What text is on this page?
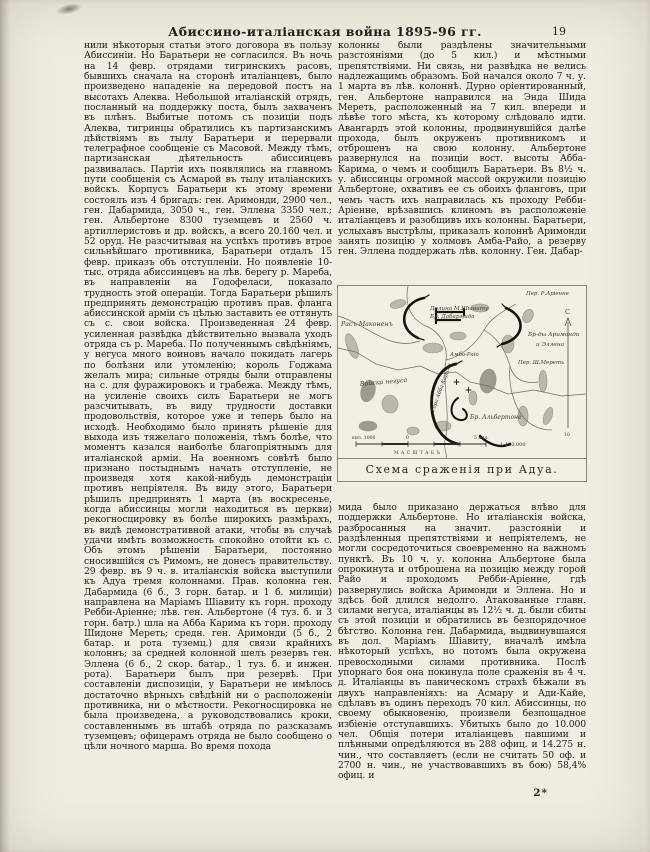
Абиссино-италіанская война 1895-96 гг.	19
нили нѣкоторыя статьи этого договора въ пользу Абиссиніи. Но Баратьери не согласился. Въ ночь на 14 февр. отрядами тигринскихъ расовъ, бывшихъ сначала на сторонѣ италіанцевъ, было произведено нападеніе на передовой постъ на высотахъ Алеква. Небольшой италіанскій отрядъ, посланный на поддержку поста, былъ захваченъ въ плѣнъ. Выбитые потомъ съ позиціи подъ Алеква, тигринцы обратились къ партизанскимъ дѣйствіямъ въ тылу Баратьери и перервали телеграфное сообщеніе съ Масовой. Между тѣмъ, партизанская дѣятельность абиссинцевъ развивалась. Партіи ихъ появлялись на главномъ пути сообщенія съ Асмарой въ тылу италіанскихъ войскъ. Корпусъ Баратьери къ этому времени состоялъ изъ 4 бригадъ: ген. Аримонди, 2900 чел., ген. Дабармида, 3050 ч., ген. Эллена 3350 чел.; ген. Альбертоне 8300 туземцевъ и 2560 ч. артиллеристовъ и др. войскъ, а всего 20.160 чел. и 52 оруд. Не разсчитывая на успѣхъ противъ втрое сильнѣйшаго противника, Баратьери отдалъ 15 февр. приказъ объ отступленіи. Но появленіе 10-тыс. отряда абиссинцевъ на лѣв. берегу р. Мареба, въ направленіи на Годофеласи, показало трудность этой операціи. Тогда Баратьери рѣшилъ предпринять демонстрацію противъ прав. фланга абиссинской арміи съ цѣлью заставить ее оттянуть съ с. свои войска. Произведенная 24 февр. усиленная развѣдка дѣйствительно вызвала уходъ отряда съ р. Мареба. По полученнымъ свѣдѣніямъ, у негуса много воиновъ начало покидать лагерь по болѣзни или утомленію; король Годжама желалъ мира; сильные отряды были отправлены на с. для фуражировокъ и грабежа. Между тѣмъ, на усиленіе своихъ силъ Баратьери не могъ разсчитывать, въ виду трудности доставки продовольствія, которое уже и теперь было на исходѣ. Необходимо было принять рѣшеніе для выхода изъ тяжелаго положенія, тѣмъ болѣе, что моментъ казался наиболѣе благопріятнымъ для италіанской арміи. На военномъ совѣтѣ было признано постыднымъ начать отступленіе, не произведя хотя какой-нибудь демонстраціи противъ непріятеля. Въ виду этого, Баратьери рѣшилъ предпринять 1 марта (въ воскресенье, когда абиссинцы могли находиться въ церкви) рекогносцировку въ болѣе широкихъ размѣрахъ, въ видѣ демонстративной атаки, чтобы въ случаѣ удачи имѣть возможность спокойно отойти къ с. Объ этомъ рѣшеніи Баратьери, постоянно сносившійся съ Римомъ, не донесъ правительству. 29 февр. въ 9 ч. в. италіанскія войска выступили къ Адуа тремя колоннами. Прав. колонна ген. Дабармида (6 б., 3 горн. батар. и 1 б. милиціи) направлена на Маріамъ Шіавиту къ горн. проходу Ребби-Аріенне; лѣв. ген. Альбертоне (4 туз. б. и 3 горн. батр.) шла на Абба Карима къ горн. проходу Шидоне Мереть; средн. ген. Аримонди (5 б., 2 батар. и рота туземц.) для связи крайнихъ колоннъ; за средней колонной шелъ резервъ ген. Эллена (6 б., 2 скор. батар., 1 туз. б. и инжен. рота). Баратьери былъ при резервѣ. При составленіи диспозиціи, у Баратьери не имѣлось достаточно вѣрныхъ свѣдѣній ни о расположеніи противника, ни о мѣстности. Рекогносцировка не была произведена, а руководствовались кроки, составленнымъ въ штабѣ отряда по разсказамъ туземцевъ; офицерамъ отряда не было сообщено о цѣли ночного марша. Во время похода
колонны были раздѣлены значительными разстояніями (до 5 кил.) и мѣстными препятствіями. Ни связь, ни развѣдка не велись надлежащимъ образомъ. Бой начался около 7 ч. у. 1 марта въ лѣв. колоннѣ. Дурно оріентированный, ген. Альбертоне направился на Энда Шида Мереть, расположенный на 7 кил. впереди и лѣвѣе того мѣста, къ которому слѣдовало идти. Авангардъ этой колонны, продвинувшійся далѣе прохода, былъ окруженъ противникомъ и отброшенъ на свою колонну. Альбертоне развернулся на позиціи вост. высоты Абба-Карима, о чемъ и сообщилъ Баратьери. Въ 8½ ч. у. абиссинцы огромной массой окружили позицію Альбертоне, охвативъ ее съ обоихъ фланговъ, при чемъ часть ихъ направилась къ проходу Ребби-Аріенне, врѣзавшись клиномъ въ расположеніе италіанцевъ и разобщивъ ихъ колонны. Баратьери, услыхавъ выстрѣлы, приказалъ колоннѣ Аримонди занять позицію у холмовъ Амба-Райо, а резерву ген. Эллена поддержать лѣв. колонну. Ген. Дабар-
Расъ Маконенъ
Долина М.Шіавиту
Бр. Дабармида
Пер. Р.Аріенне
Бр-ды Аримонди
и Эллена
Пер. Ш.Мереть
Амба-Раіо
Войска негуса
Бр. Альбертоне
Гора Абба-Карима
С
10
кил. 1000	0	5 кил.
1:420.000
МАСШТАБЪ
Схема сраженія при Адуа.
мида было приказано держаться влѣво для поддержки Альбертоне. Но италіанскія войска, разбросанныя на значит. разстояніи и раздѣленныя препятствіями и непріятелемъ, не могли сосредоточиться своевременно на важномъ пунктѣ. Въ 10 ч. у. колонна Альбертоне была опрокинута и отброшена на позицію между горой Райо и проходомъ Ребби-Аріенне, гдѣ развернулись войска Аримонди и Эллена. Но и здѣсь бой длился недолго. Атакованные главн. силами негуса, италіанцы въ 12½ ч. д. были сбиты съ этой позиціи и обратились въ безпорядочное бѣгство. Колонна ген. Дабармида, выдвинувшаяся въ дол. Маріамъ Шіавиту, вначалѣ имѣла нѣкоторый успѣхъ, но потомъ была окружена превосходными силами противника. Послѣ упорнаго боя она покинула поле сраженія въ 4 ч. д. Италіанцы въ паническомъ страхѣ бѣжали въ двухъ направленіяхъ: на Асмару и Ади-Кайе, сдѣлавъ въ одинъ переходъ 70 кил. Абиссинцы, по своему обыкновенію, произвели безпощадное избіеніе отступавшихъ. Убитыхъ было до 10.000 чел. Общія потери италіанцевъ павшими и плѣнными опредѣляются въ 288 офиц. и 14.275 н. чин., что составляетъ (если не считать 50 оф. и 2700 н. чин., не участвовавшихъ въ бою) 58,4% офиц. и
2*
